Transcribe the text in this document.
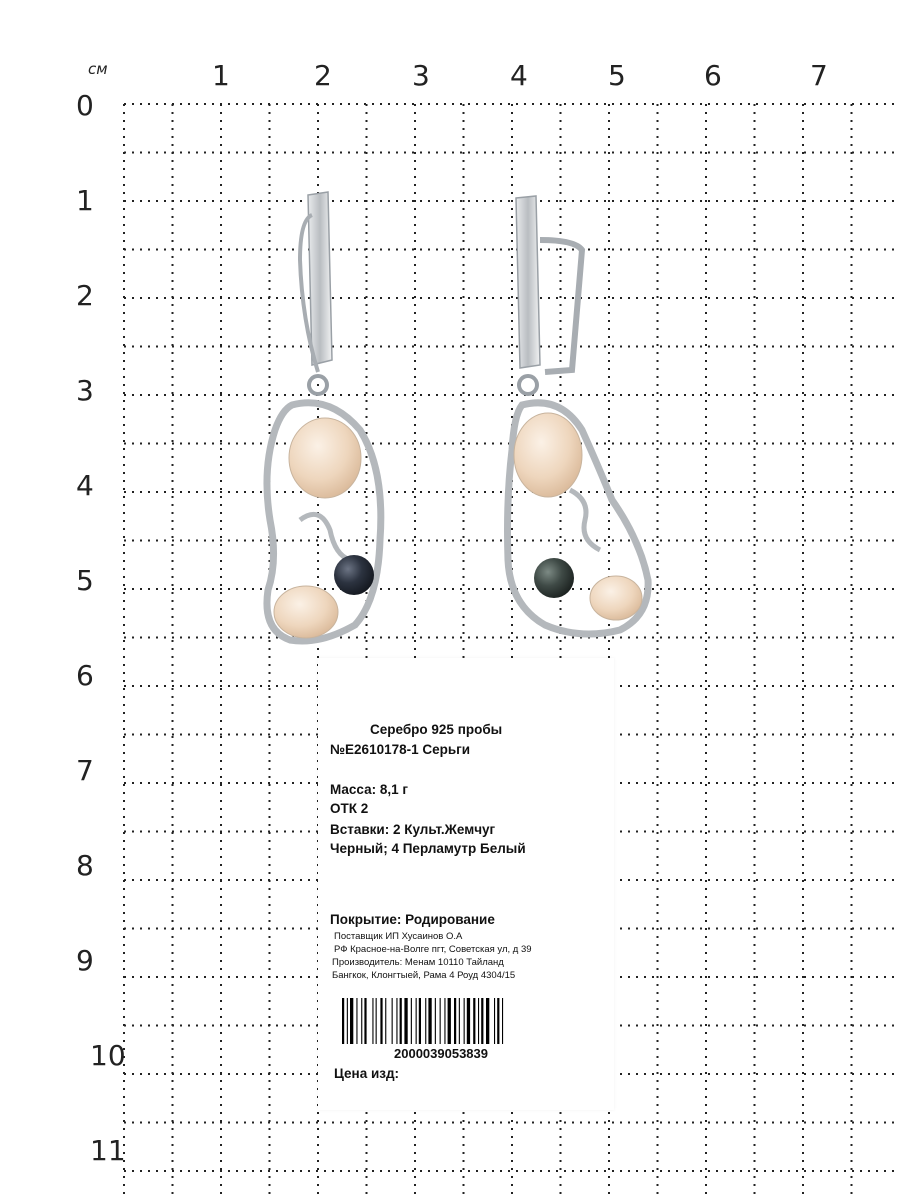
см	1	2	3	4	5	6	7
0
1
2
3
4
5
6
7
8
9
10
11
Серебро 925 пробы
№E2610178-1 Серьги
Масса: 8,1 г
ОТК 2
Вставки: 2 Культ.Жемчуг
Черный; 4 Перламутр Белый
Покрытие: Родирование
Поставщик ИП Хусаинов О.А
РФ Красное-на-Волге пгт, Советская ул, д 39
Производитель: Менам 10110 Тайланд
Бангкок, Клонгтыей, Рама 4 Роуд 4304/15
2000039053839
Цена изд:
